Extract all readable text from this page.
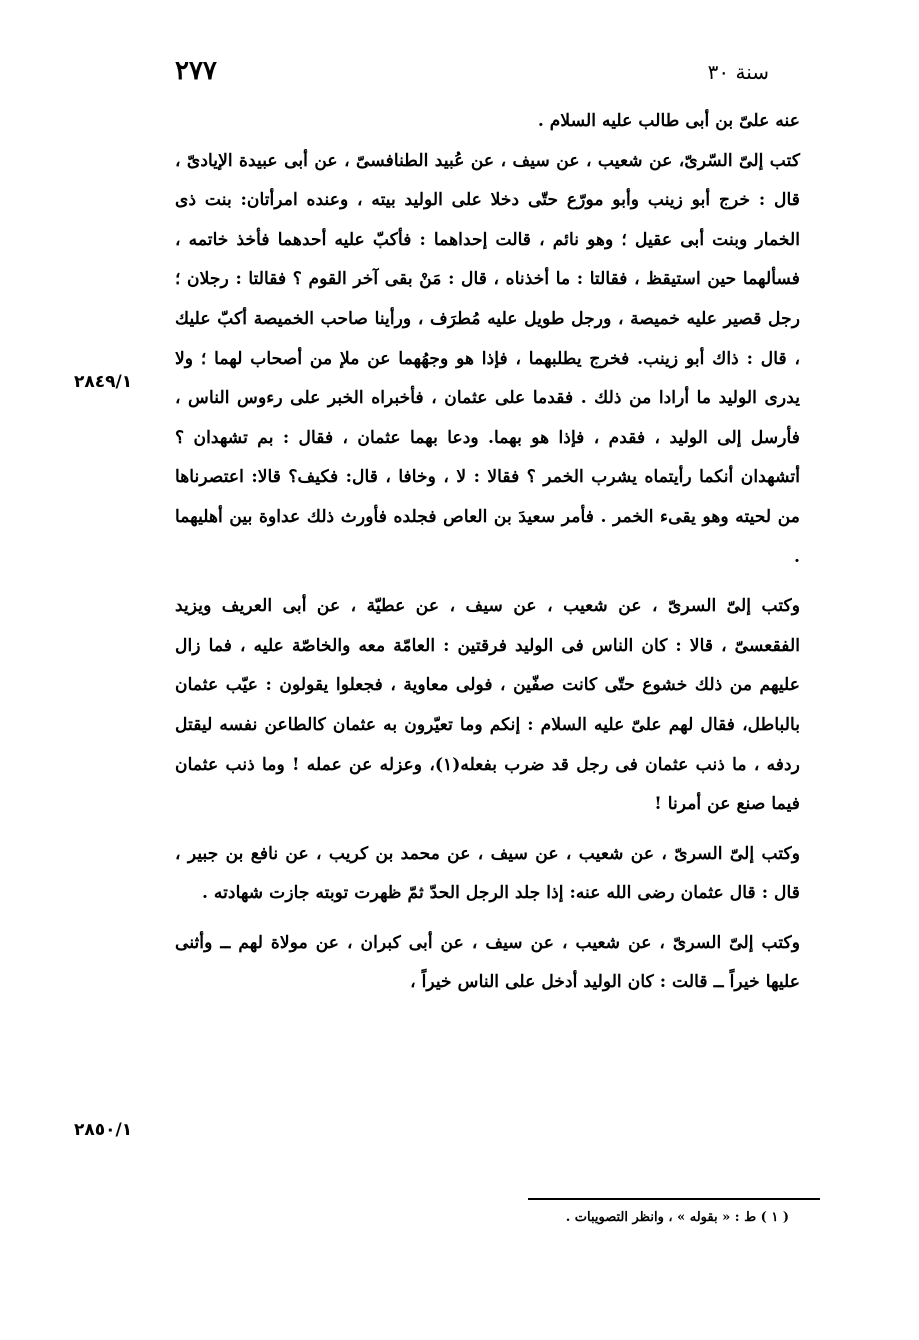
٢٧٧	سنة ٣٠
٢٨٤٩/١
٢٨٥٠/١

عنه علىّ بن أبى طالب عليه السلام .

كتب إلىّ السّرىّ، عن شعيب ، عن سيف ، عن عُبيد الطنافسىّ ، عن أبى عبيدة الإيادىّ ، قال : خرج أبو زينب وأبو مورّع حتّى دخلا على الوليد بيته ، وعنده امرأتان: بنت ذى الخمار وبنت أبى عقيل ؛ وهو نائم ، قالت إحداهما : فأكبّ عليه أحدهما فأخذ خاتمه ، فسألهما حين استيقظ ، فقالتا : ما أخذناه ، قال : مَنْ بقى آخر القوم ؟ فقالتا : رجلان ؛ رجل قصير عليه خميصة ، ورجل طويل عليه مُطرَف ، ورأينا صاحب الخميصة أكبّ عليك ، قال : ذاك أبو زينب. فخرج يطلبهما ، فإذا هو وجهُهما عن ملإ من أصحاب لهما ؛ ولا يدرى الوليد ما أرادا من ذلك . فقدما على عثمان ، فأخبراه الخبر على رءوس الناس ، فأرسل إلى الوليد ، فقدم ، فإذا هو بهما. ودعا بهما عثمان ، فقال : بم تشهدان ؟ أتشهدان أنكما رأيتماه يشرب الخمر ؟ فقالا : لا ، وخافا ، قال: فكيف؟ قالا: اعتصرناها من لحيته وهو يقىء الخمر . فأمر سعيدَ بن العاص فجلده فأورث ذلك عداوة بين أهليهما .

وكتب إلىّ السرىّ ، عن شعيب ، عن سيف ، عن عطيّة ، عن أبى العريف ويزيد الفقعسىّ ، قالا : كان الناس فى الوليد فرقتين : العامّة معه والخاصّة عليه ، فما زال عليهم من ذلك خشوع حتّى كانت صفّين ، فولى معاوية ، فجعلوا يقولون : عيّب عثمان بالباطل، فقال لهم علىّ عليه السلام : إنكم وما تعيّرون به عثمان كالطاعن نفسه ليقتل ردفه ، ما ذنب عثمان فى رجل قد ضرب بفعله(١)، وعزله عن عمله ! وما ذنب عثمان فيما صنع عن أمرنا !

وكتب إلىّ السرىّ ، عن شعيب ، عن سيف ، عن محمد بن كريب ، عن نافع بن جبير ، قال : قال عثمان رضى الله عنه: إذا جلد الرجل الحدّ ثمّ ظهرت توبته جازت شهادته .

وكتب إلىّ السرىّ ، عن شعيب ، عن سيف ، عن أبى كبران ، عن مولاة لهم ــ وأثنى عليها خيراً ــ قالت : كان الوليد أدخل على الناس خيراً ،

( ١ ) ط : « بقوله » ، وانظر التصويبات .
